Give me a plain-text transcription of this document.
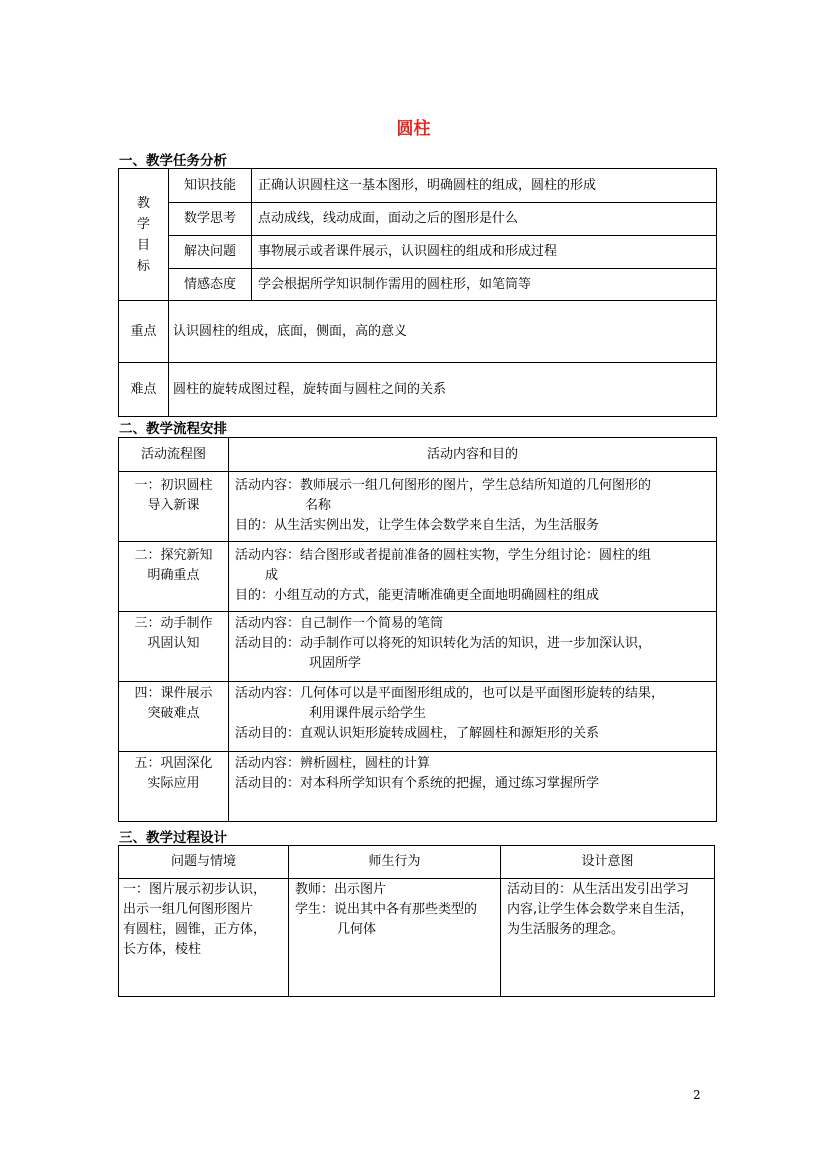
圆柱
一、教学任务分析
教
学
目
标	知识技能	正确认识圆柱这一基本图形，明确圆柱的组成，圆柱的形成
	数学思考	点动成线，线动成面，面动之后的图形是什么
	解决问题	事物展示或者课件展示，认识圆柱的组成和形成过程
	情感态度	学会根据所学知识制作需用的圆柱形，如笔筒等
重点	认识圆柱的组成，底面，侧面，高的意义	
难点	圆柱的旋转成图过程，旋转面与圆柱之间的关系	
二、教学流程安排
活动流程图	活动内容和目的

一：初识圆柱
导入新课	活动内容：教师展示一组几何图形的图片，学生总结所知道的几何图形的
名称
目的：从生活实例出发，让学生体会数学来自生活，为生活服务

二：探究新知
明确重点	活动内容：结合图形或者提前准备的圆柱实物，学生分组讨论：圆柱的组
成
目的：小组互动的方式，能更清晰准确更全面地明确圆柱的组成

三：动手制作
巩固认知	活动内容：自己制作一个简易的笔筒
活动目的：动手制作可以将死的知识转化为活的知识，进一步加深认识，
巩固所学

四：课件展示
突破难点	活动内容：几何体可以是平面图形组成的，也可以是平面图形旋转的结果，
利用课件展示给学生
活动目的：直观认识矩形旋转成圆柱，了解圆柱和源矩形的关系

五：巩固深化
实际应用	活动内容：辨析圆柱，圆柱的计算
活动目的：对本科所学知识有个系统的把握，通过练习掌握所学
三、教学过程设计
问题与情境	师生行为	设计意图

一：图片展示初步认识，
出示一组几何图形图片
有圆柱，圆锥，正方体，
长方体，棱柱	教师：出示图片
学生：说出其中各有那些类型的
几何体	活动目的：从生活出发引出学习
内容,让学生体会数学来自生活，
为生活服务的理念。
2
